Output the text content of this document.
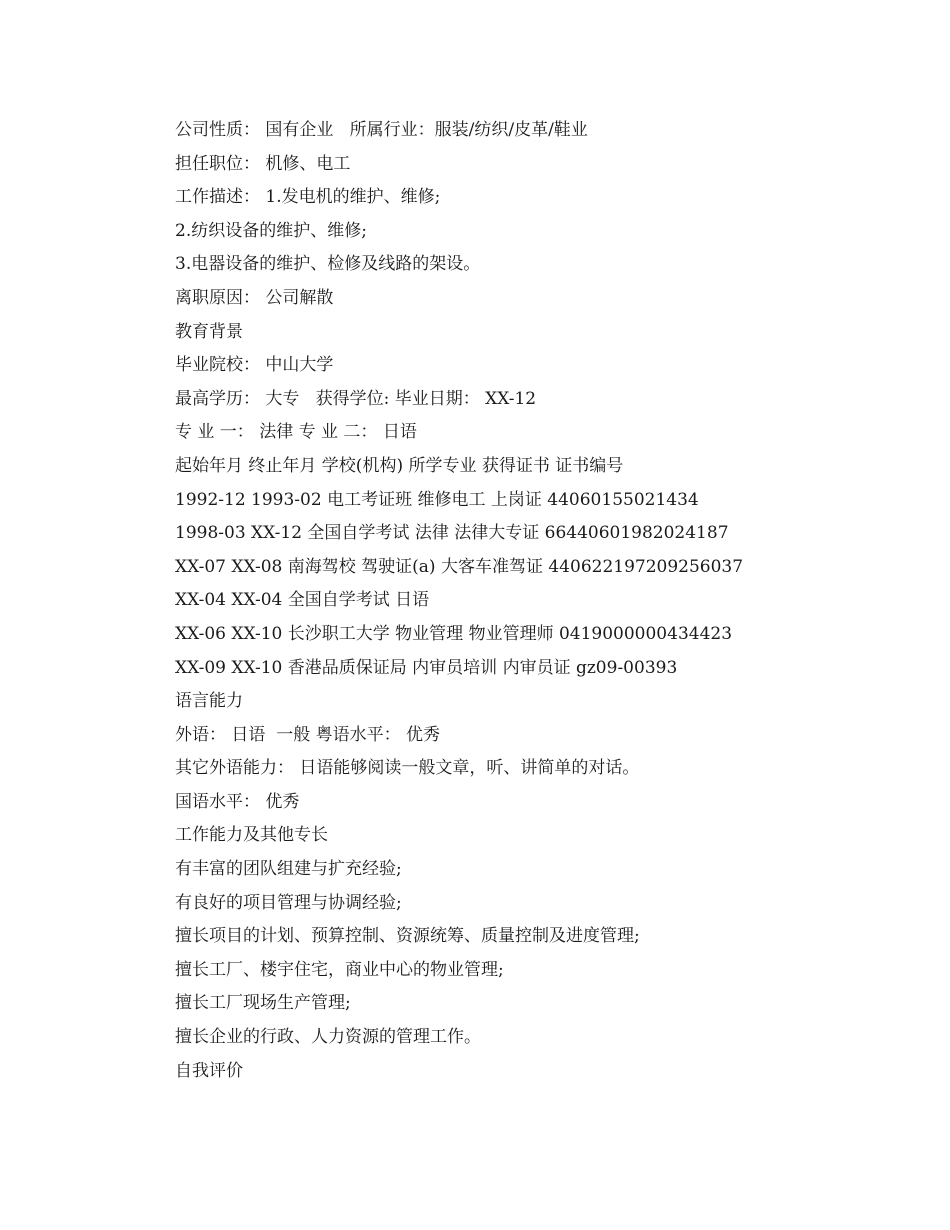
公司性质： 国有企业   所属行业：服装/纺织/皮革/鞋业
担任职位： 机修、电工
工作描述： 1.发电机的维护、维修;
2.纺织设备的维护、维修;
3.电器设备的维护、检修及线路的架设。
离职原因： 公司解散
教育背景
毕业院校： 中山大学
最高学历： 大专   获得学位: 毕业日期： XX-12
专 业 一： 法律 专 业 二： 日语
起始年月 终止年月 学校(机构) 所学专业 获得证书 证书编号
1992-12 1993-02 电工考证班 维修电工 上岗证 44060155021434
1998-03 XX-12 全国自学考试 法律 法律大专证 66440601982024187
XX-07 XX-08 南海驾校 驾驶证(a) 大客车准驾证 440622197209256037
XX-04 XX-04 全国自学考试 日语
XX-06 XX-10 长沙职工大学 物业管理 物业管理师 0419000000434423
XX-09 XX-10 香港品质保证局 内审员培训 内审员证 gz09-00393
语言能力
外语： 日语  一般 粤语水平： 优秀
其它外语能力： 日语能够阅读一般文章，听、讲简单的对话。
国语水平： 优秀
工作能力及其他专长
有丰富的团队组建与扩充经验;
有良好的项目管理与协调经验;
擅长项目的计划、预算控制、资源统筹、质量控制及进度管理;
擅长工厂、楼宇住宅，商业中心的物业管理;
擅长工厂现场生产管理;
擅长企业的行政、人力资源的管理工作。
自我评价
